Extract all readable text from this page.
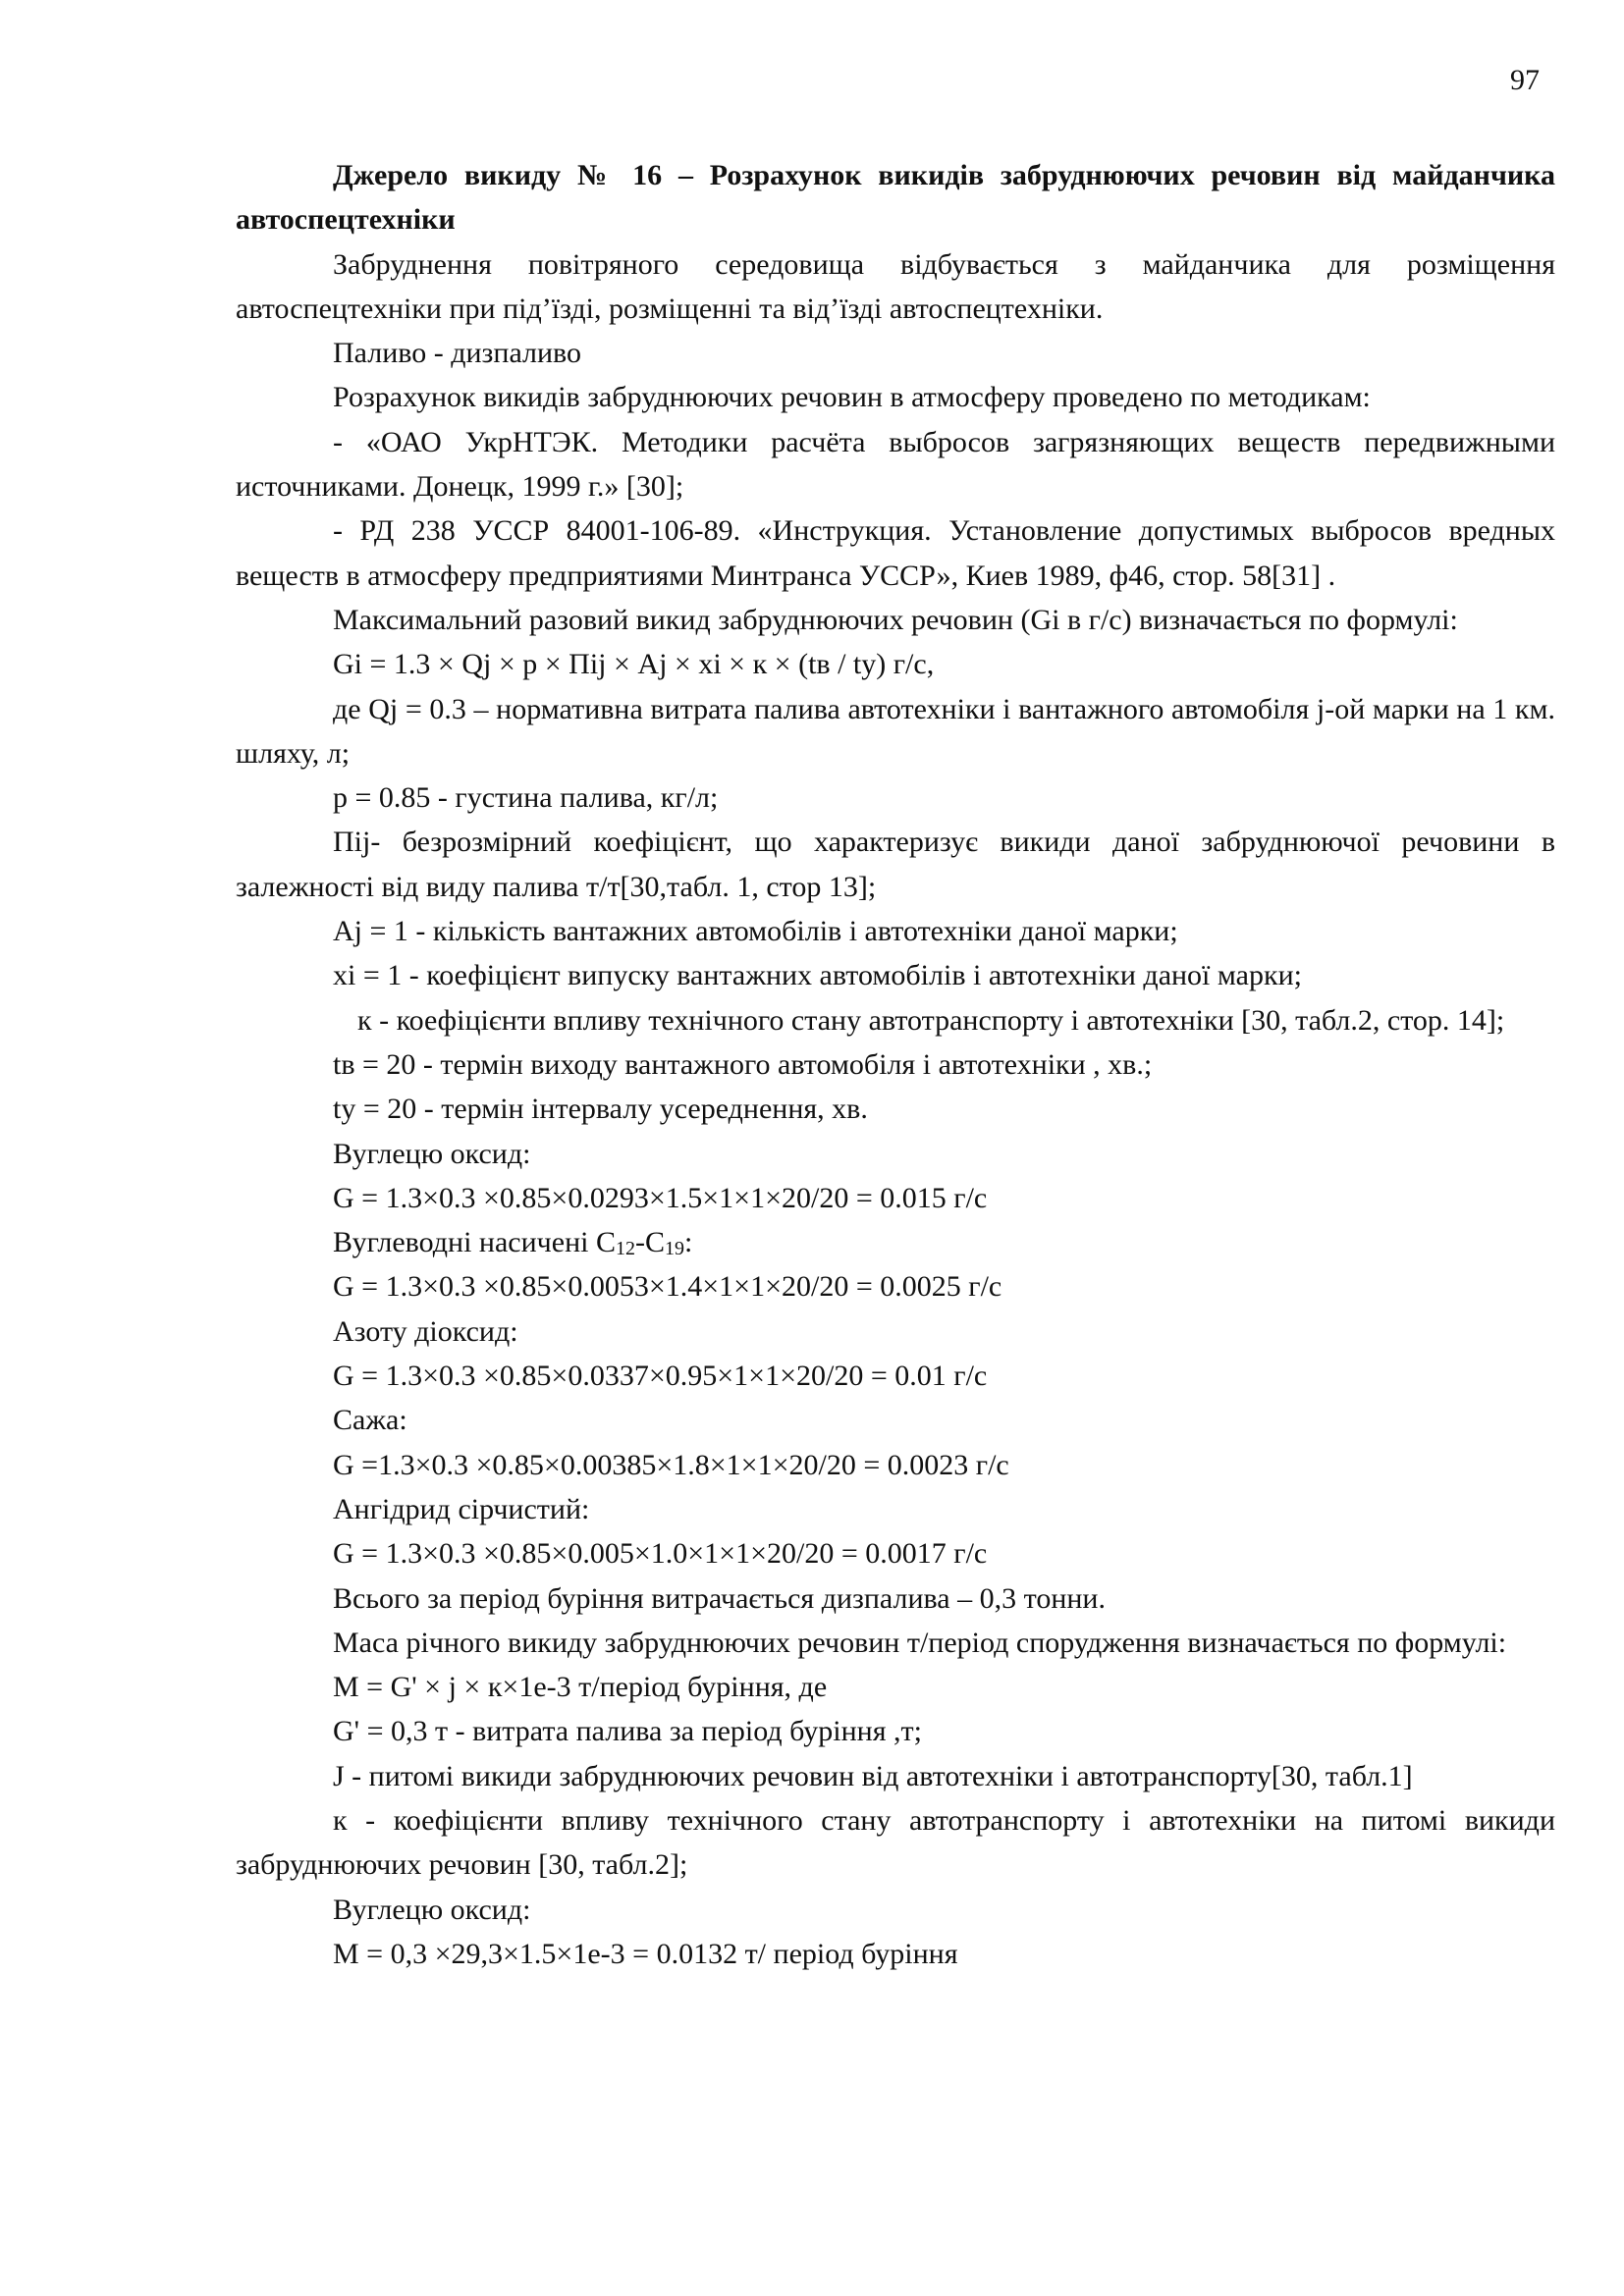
97

Джерело викиду № 16 – Розрахунок викидів забруднюючих речовин від майданчика автоспецтехніки

Забруднення повітряного середовища відбувається з майданчика для розміщення автоспецтехніки при під’їзді, розміщенні та від’їзді автоспецтехніки.

Паливо - дизпаливо

Розрахунок викидів забруднюючих речовин в атмосферу проведено по методикам:

- «ОАО УкрНТЭК. Методики расчёта выбросов загрязняющих веществ передвижными источниками. Донецк, 1999 г.» [30];

- РД 238 УССР 84001-106-89. «Инструкция. Установление допустимых выбросов вредных веществ в атмосферу предприятиями Минтранса УССР», Киев 1989, ф46, стор. 58[31] .

Максимальний разовий викид забруднюючих речовин (Gі в г/с) визначається по формулі:

Gі = 1.3 × Qj × p × Піj × Аj × хі × к × (tв / tу) г/с,

де Qj = 0.3 – нормативна витрата палива автотехніки і вантажного автомобіля j-ой марки на 1 км. шляху, л;

p = 0.85 - густина палива, кг/л;

Піj- безрозмірний коефіцієнт, що характеризує викиди даної забруднюючої речовини в залежності від виду палива т/т[30,табл. 1, стор 13];

Аj = 1 - кількість вантажних автомобілів і автотехніки даної марки;

хі = 1 - коефіцієнт випуску вантажних автомобілів і автотехніки даної марки;

к - коефіцієнти впливу технічного стану автотранспорту і автотехніки [30, табл.2, стор. 14];

tв = 20 - термін виходу вантажного автомобіля і автотехніки , хв.;

tу = 20 - термін інтервалу усереднення, хв.

Вуглецю оксид:

G = 1.3×0.3 ×0.85×0.0293×1.5×1×1×20/20 = 0.015 г/с

Вуглеводні насичені $С_{12}-С_{19}$:

G = 1.3×0.3 ×0.85×0.0053×1.4×1×1×20/20 = 0.0025 г/с

Азоту діоксид:

G = 1.3×0.3 ×0.85×0.0337×0.95×1×1×20/20 = 0.01 г/с

Сажа:

G =1.3×0.3 ×0.85×0.00385×1.8×1×1×20/20 = 0.0023 г/с

Ангідрид сірчистий:

G = 1.3×0.3 ×0.85×0.005×1.0×1×1×20/20 = 0.0017 г/с

Всього за період буріння витрачається дизпалива – 0,3 тонни.

Маса річного викиду забруднюючих речовин т/період спорудження визначається по формулі:

М = G' × j × к×1е-3 т/період буріння, де

G' = 0,3 т - витрата палива за період буріння ,т;

J - питомі викиди забруднюючих речовин від автотехніки і автотранспорту[30, табл.1]

к - коефіцієнти впливу технічного стану автотранспорту і автотехніки на питомі викиди забруднюючих речовин [30, табл.2];

Вуглецю оксид:

М = 0,3 ×29,3×1.5×1е-3 = 0.0132 т/ період буріння
